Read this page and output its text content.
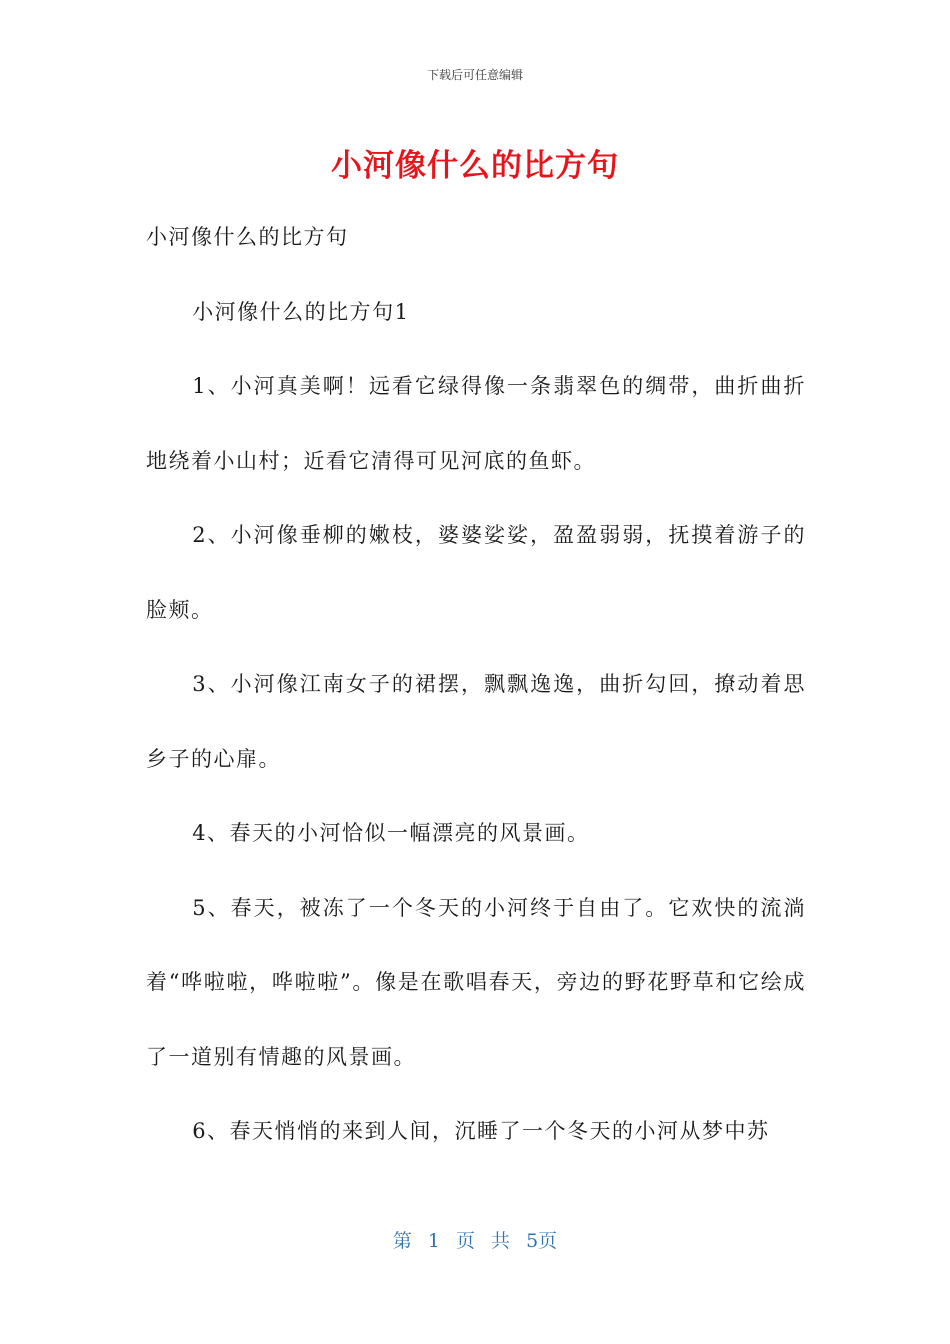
下载后可任意编辑
小河像什么的比方句

小河像什么的比方句

小河像什么的比方句1

1、小河真美啊！远看它绿得像一条翡翠色的绸带，曲折曲折地绕着小山村；近看它清得可见河底的鱼虾。

2、小河像垂柳的嫩枝，婆婆娑娑，盈盈弱弱，抚摸着游子的脸颊。

3、小河像江南女子的裙摆，飘飘逸逸，曲折勾回，撩动着思乡子的心扉。

4、春天的小河恰似一幅漂亮的风景画。

5、春天，被冻了一个冬天的小河终于自由了。它欢快的流淌着“哗啦啦，哗啦啦”。像是在歌唱春天，旁边的野花野草和它绘成了一道别有情趣的风景画。

6、春天悄悄的来到人间，沉睡了一个冬天的小河从梦中苏

第 1 页 共 5页
